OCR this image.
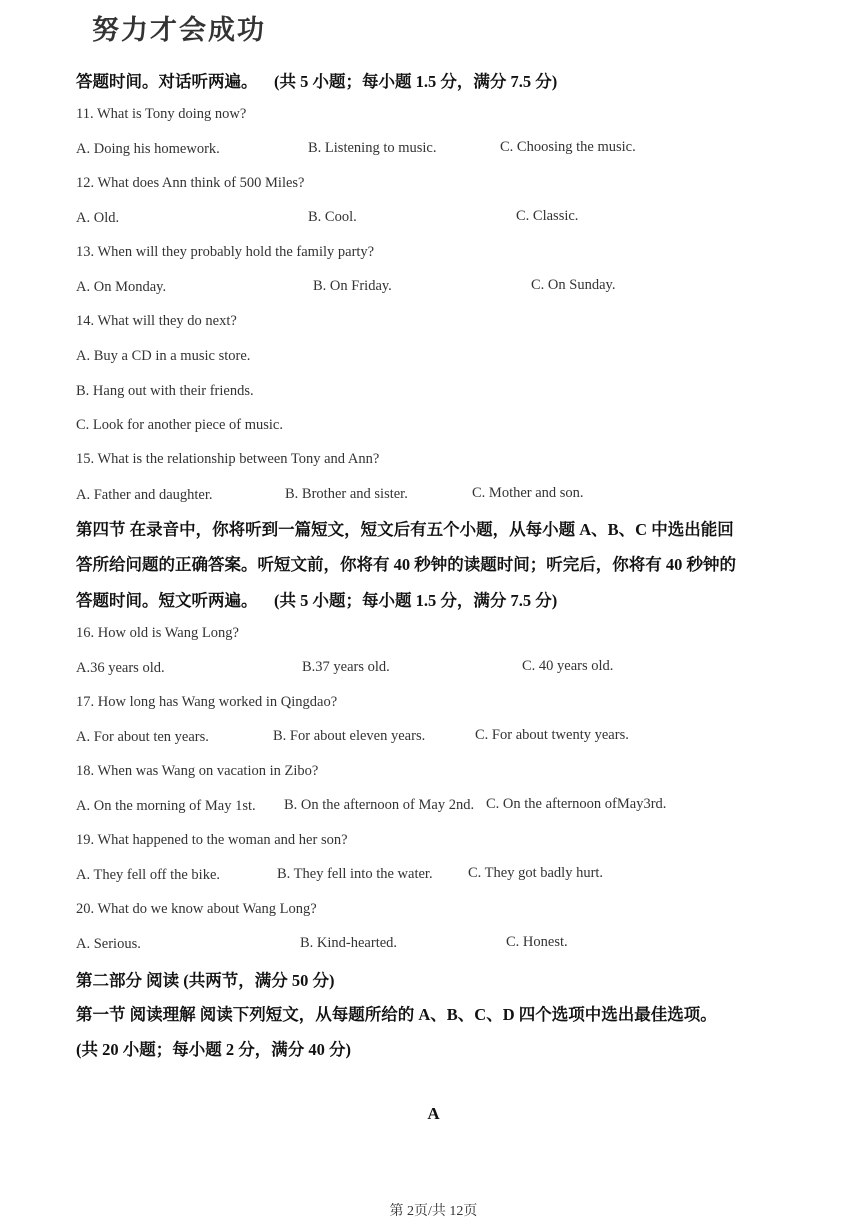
努力才会成功
答题时间。对话听两遍。 (共 5 小题；每小题 1.5 分，满分 7.5 分)
11. What is Tony doing now?
A. Doing his homework.	B. Listening to music.	C. Choosing the music.
12. What does Ann think of 500 Miles?
A. Old.	B. Cool.	C. Classic.
13. When will they probably hold the family party?
A. On Monday.	B. On Friday.	C. On Sunday.
14. What will they do next?
A. Buy a CD in a music store.
B. Hang out with their friends.
C. Look for another piece of music.
15. What is the relationship between Tony and Ann?
A. Father and daughter.	B. Brother and sister.	C. Mother and son.
第四节 在录音中，你将听到一篇短文，短文后有五个小题，从每小题 A、B、C 中选出能回
答所给问题的正确答案。听短文前，你将有 40 秒钟的读题时间；听完后，你将有 40 秒钟的
答题时间。短文听两遍。 (共 5 小题；每小题 1.5 分，满分 7.5 分)
16. How old is Wang Long?
A.36 years old.	B.37 years old.	C. 40 years old.
17. How long has Wang worked in Qingdao?
A. For about ten years.	B. For about eleven years.	C. For about twenty years.
18. When was Wang on vacation in Zibo?
A. On the morning of May 1st. B. On the afternoon of May 2nd. C. On the afternoon ofMay3rd.
19. What happened to the woman and her son?
A. They fell off the bike.	B. They fell into the water. C. They got badly hurt.
20. What do we know about Wang Long?
A. Serious.	B. Kind-hearted.	C. Honest.
第二部分 阅读 (共两节，满分 50 分)
第一节 阅读理解 阅读下列短文，从每题所给的 A、B、C、D 四个选项中选出最佳选项。
(共 20 小题；每小题 2 分，满分 40 分)
A
第 2页/共 12页
